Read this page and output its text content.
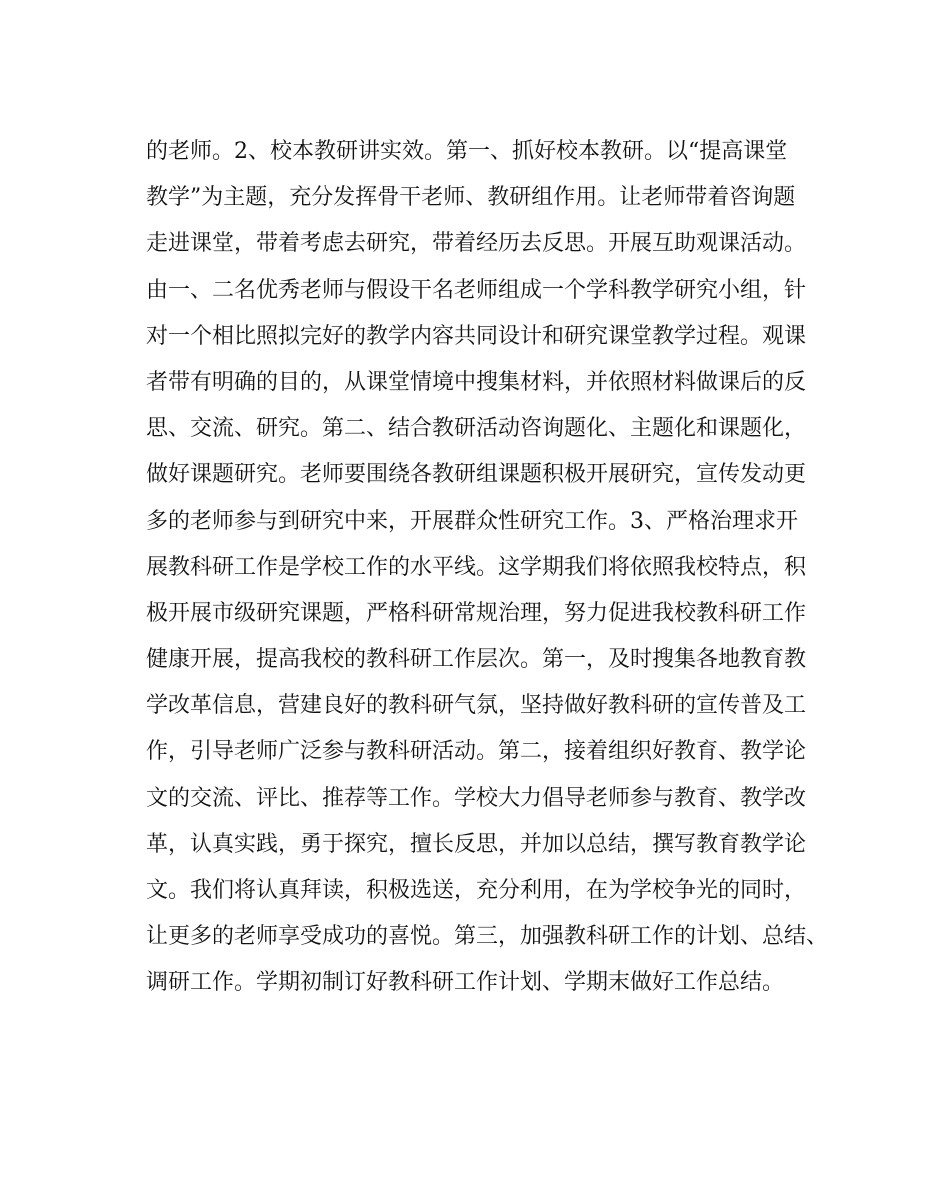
的老师。2、校本教研讲实效。第一、抓好校本教研。以“提高课堂
教学”为主题，充分发挥骨干老师、教研组作用。让老师带着咨询题
走进课堂，带着考虑去研究，带着经历去反思。开展互助观课活动。
由一、二名优秀老师与假设干名老师组成一个学科教学研究小组，针
对一个相比照拟完好的教学内容共同设计和研究课堂教学过程。观课
者带有明确的目的，从课堂情境中搜集材料，并依照材料做课后的反
思、交流、研究。第二、结合教研活动咨询题化、主题化和课题化，
做好课题研究。老师要围绕各教研组课题积极开展研究，宣传发动更
多的老师参与到研究中来，开展群众性研究工作。3、严格治理求开
展教科研工作是学校工作的水平线。这学期我们将依照我校特点，积
极开展市级研究课题，严格科研常规治理，努力促进我校教科研工作
健康开展，提高我校的教科研工作层次。第一，及时搜集各地教育教
学改革信息，营建良好的教科研气氛，坚持做好教科研的宣传普及工
作，引导老师广泛参与教科研活动。第二，接着组织好教育、教学论
文的交流、评比、推荐等工作。学校大力倡导老师参与教育、教学改
革，认真实践，勇于探究，擅长反思，并加以总结，撰写教育教学论
文。我们将认真拜读，积极选送，充分利用，在为学校争光的同时，
让更多的老师享受成功的喜悦。第三，加强教科研工作的计划、总结、
调研工作。学期初制订好教科研工作计划、学期末做好工作总结。
